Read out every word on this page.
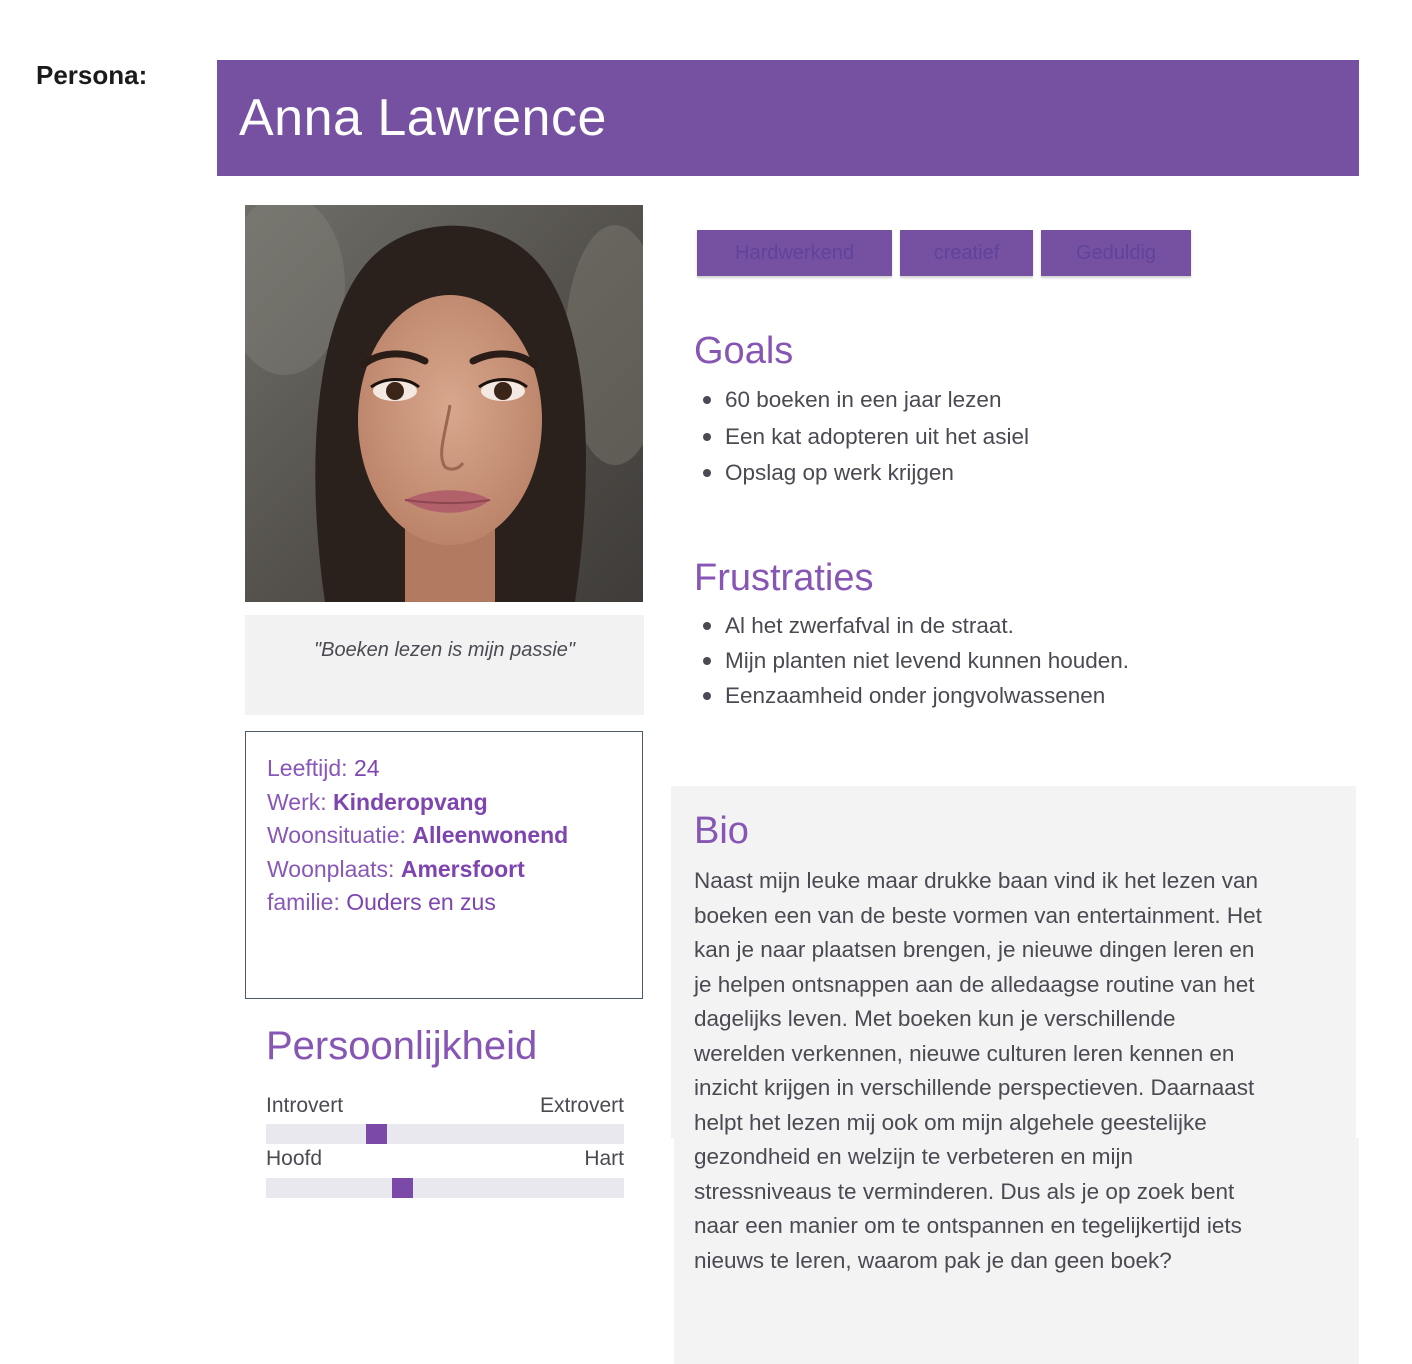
Persona:
Anna Lawrence
"Boeken lezen is mijn passie"
Leeftijd: 24
Werk: Kinderopvang
Woonsituatie: Alleenwonend
Woonplaats: Amersfoort
familie: Ouders en zus
Persoonlijkheid
Introvert	Extrovert
Hoofd	Hart
Hardwerkend	creatief	Geduldig
Goals
60 boeken in een jaar lezen
Een kat adopteren uit het asiel
Opslag op werk krijgen
Frustraties
Al het zwerfafval in de straat.
Mijn planten niet levend kunnen houden.
Eenzaamheid onder jongvolwassenen
Bio
Naast mijn leuke maar drukke baan vind ik het lezen van
boeken een van de beste vormen van entertainment. Het
kan je naar plaatsen brengen, je nieuwe dingen leren en
je helpen ontsnappen aan de alledaagse routine van het
dagelijks leven. Met boeken kun je verschillende
werelden verkennen, nieuwe culturen leren kennen en
inzicht krijgen in verschillende perspectieven. Daarnaast
helpt het lezen mij ook om mijn algehele geestelijke
gezondheid en welzijn te verbeteren en mijn
stressniveaus te verminderen. Dus als je op zoek bent
naar een manier om te ontspannen en tegelijkertijd iets
nieuws te leren, waarom pak je dan geen boek?
